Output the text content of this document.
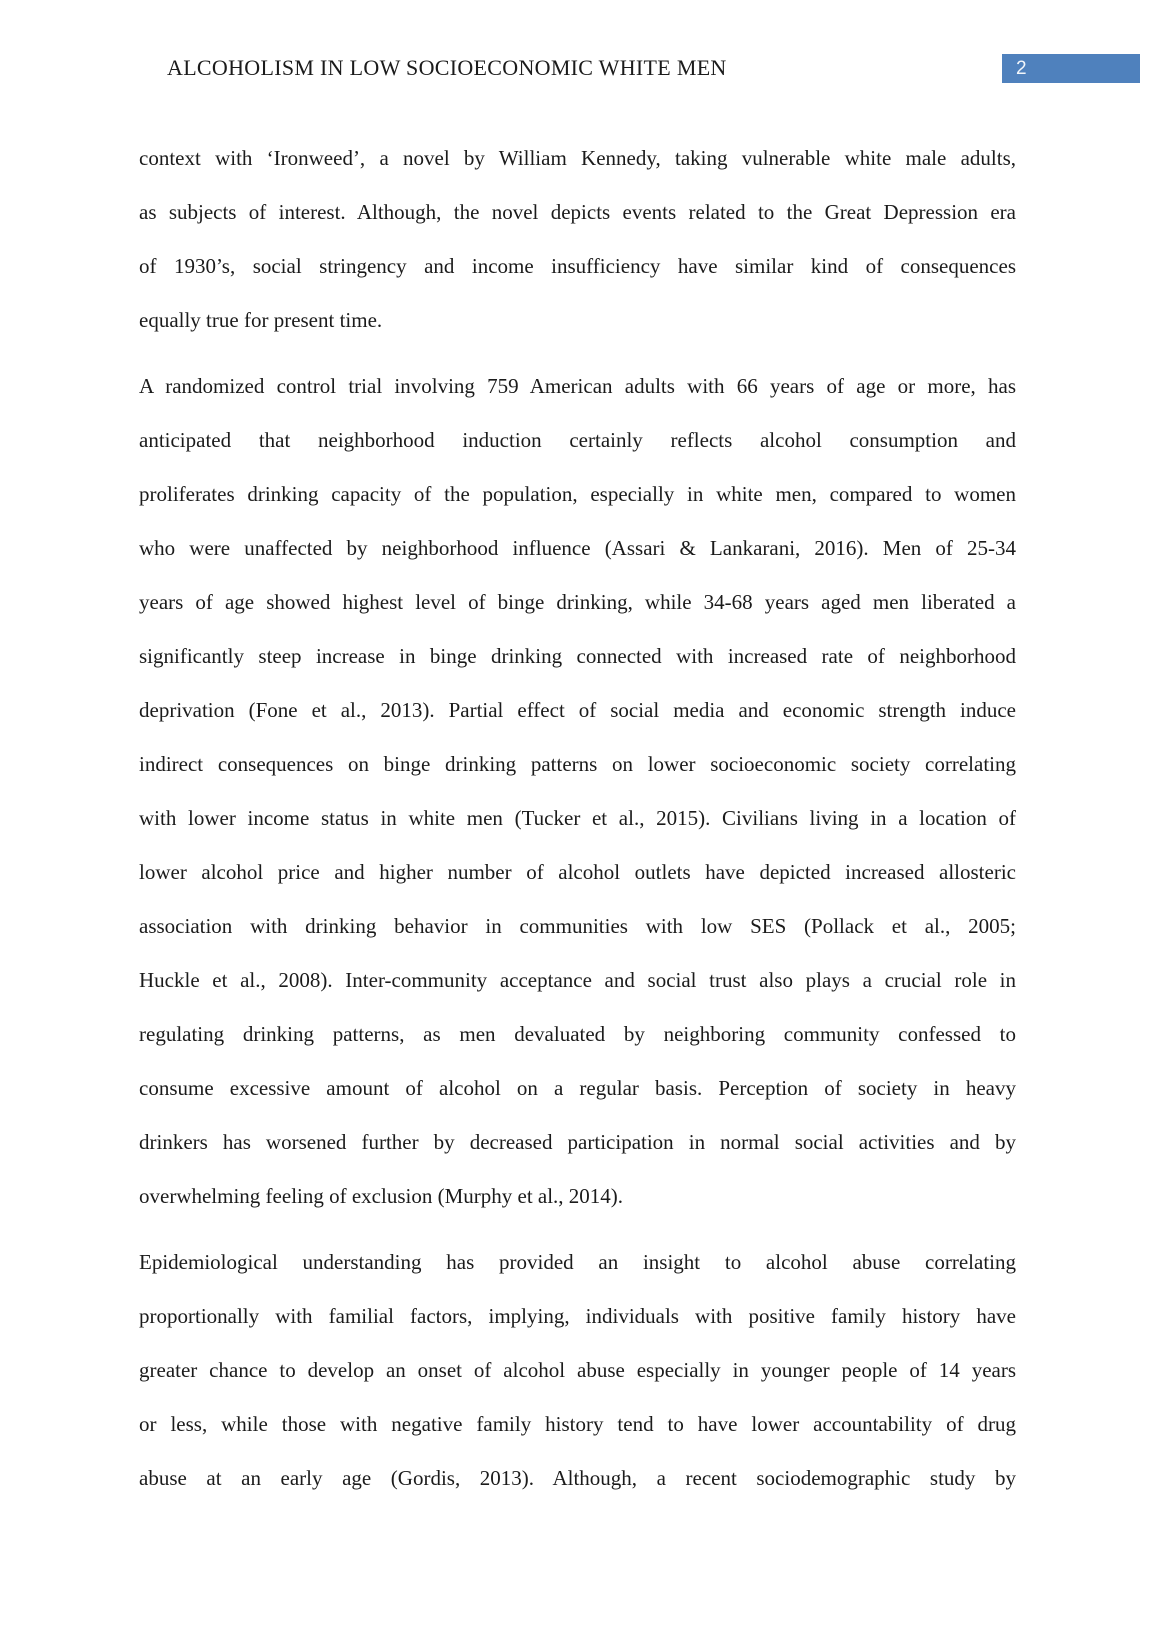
ALCOHOLISM IN LOW SOCIOECONOMIC WHITE MEN	2
context with ‘Ironweed’, a novel by William Kennedy, taking vulnerable white male adults,
as subjects of interest. Although, the novel depicts events related to the Great Depression era
of 1930’s, social stringency and income insufficiency have similar kind of consequences
equally true for present time.
A randomized control trial involving 759 American adults with 66 years of age or more, has
anticipated that neighborhood induction certainly reflects alcohol consumption and
proliferates drinking capacity of the population, especially in white men, compared to women
who were unaffected by neighborhood influence (Assari & Lankarani, 2016). Men of 25-34
years of age showed highest level of binge drinking, while 34-68 years aged men liberated a
significantly steep increase in binge drinking connected with increased rate of neighborhood
deprivation (Fone et al., 2013). Partial effect of social media and economic strength induce
indirect consequences on binge drinking patterns on lower socioeconomic society correlating
with lower income status in white men (Tucker et al., 2015). Civilians living in a location of
lower alcohol price and higher number of alcohol outlets have depicted increased allosteric
association with drinking behavior in communities with low SES (Pollack et al., 2005;
Huckle et al., 2008). Inter-community acceptance and social trust also plays a crucial role in
regulating drinking patterns, as men devaluated by neighboring community confessed to
consume excessive amount of alcohol on a regular basis. Perception of society in heavy
drinkers has worsened further by decreased participation in normal social activities and by
overwhelming feeling of exclusion (Murphy et al., 2014).
Epidemiological understanding has provided an insight to alcohol abuse correlating
proportionally with familial factors, implying, individuals with positive family history have
greater chance to develop an onset of alcohol abuse especially in younger people of 14 years
or less, while those with negative family history tend to have lower accountability of drug
abuse at an early age (Gordis, 2013). Although, a recent sociodemographic study by
